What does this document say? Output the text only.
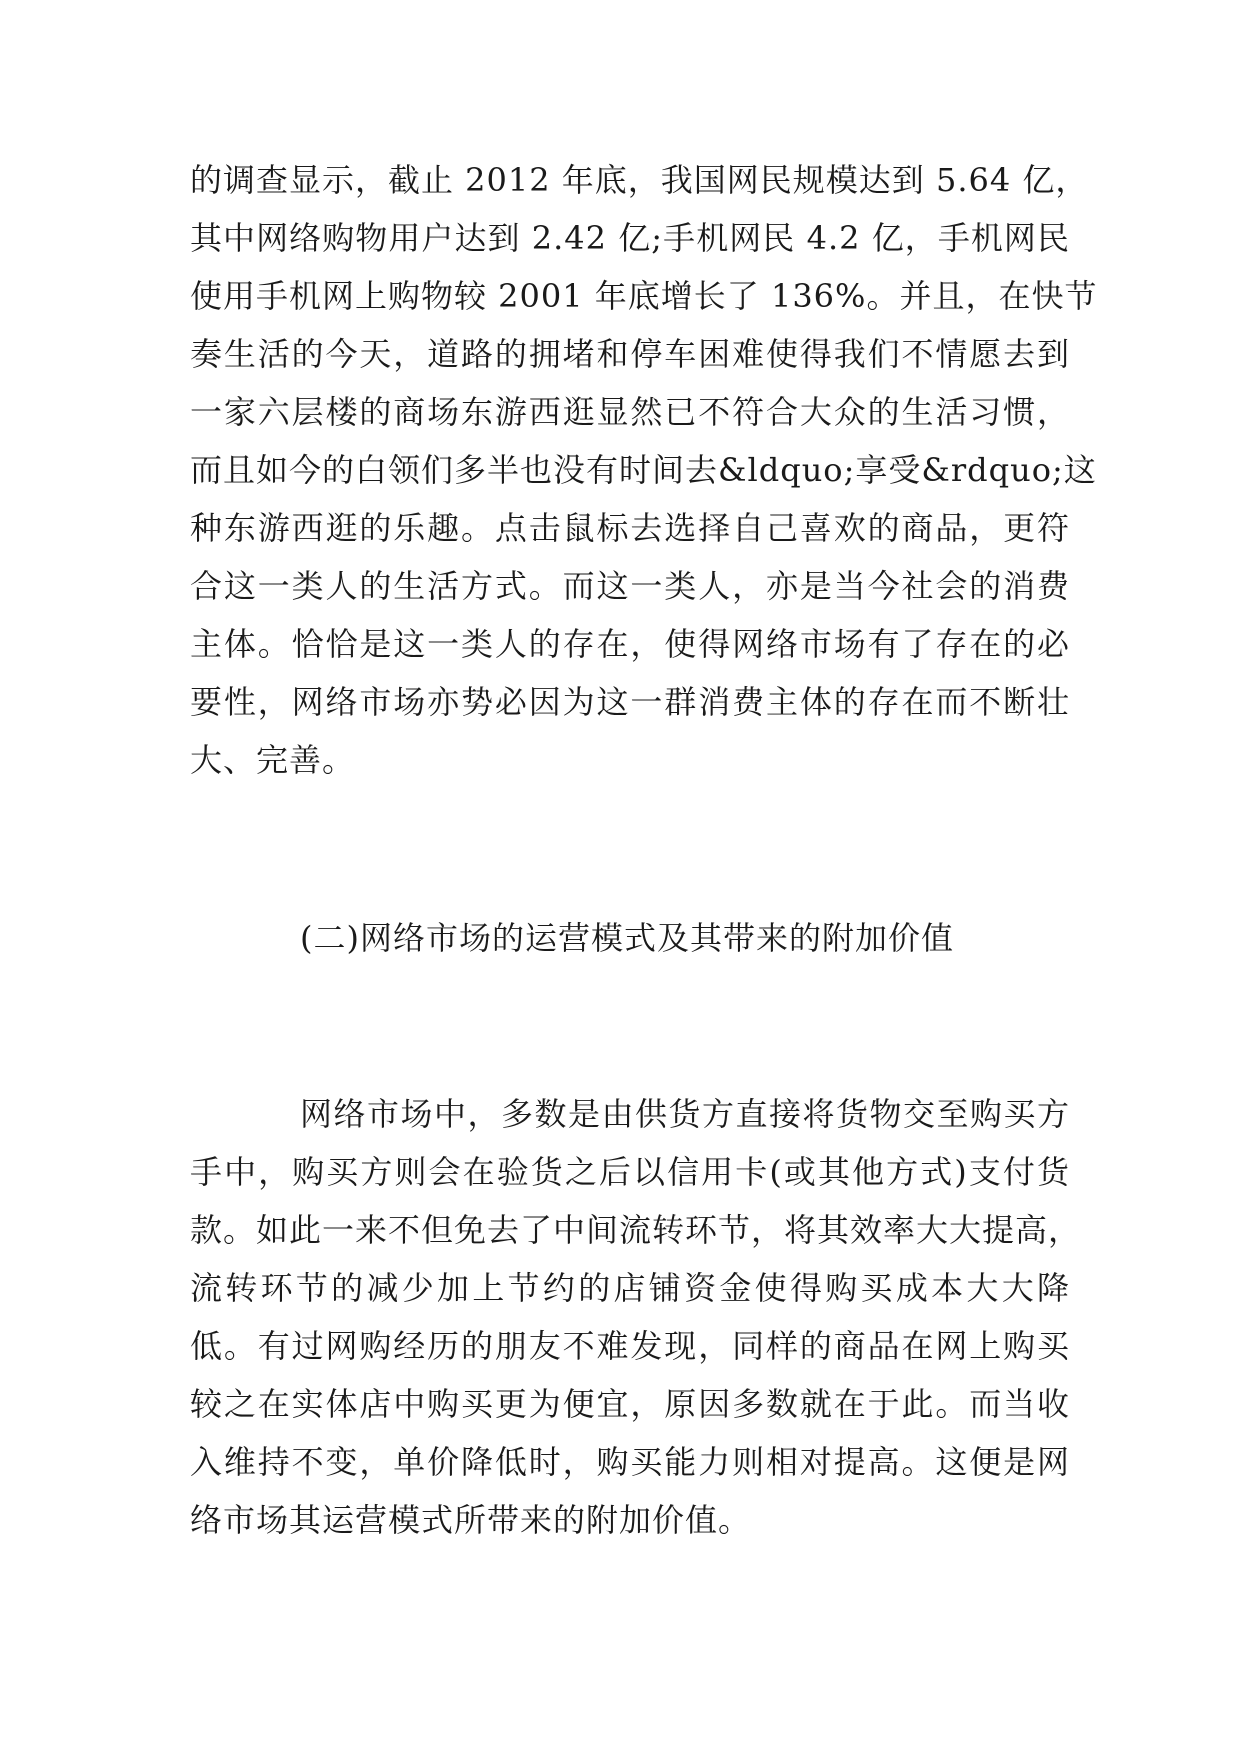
的调查显示，截止 2012 年底，我国网民规模达到 5.64 亿，
其中网络购物用户达到 2.42 亿;手机网民 4.2 亿，手机网民
使用手机网上购物较 2001 年底增长了 136%。并且，在快节
奏生活的今天，道路的拥堵和停车困难使得我们不情愿去到
一家六层楼的商场东游西逛显然已不符合大众的生活习惯，
而且如今的白领们多半也没有时间去&ldquo;享受&rdquo;这
种东游西逛的乐趣。点击鼠标去选择自己喜欢的商品，更符
合这一类人的生活方式。而这一类人，亦是当今社会的消费
主体。恰恰是这一类人的存在，使得网络市场有了存在的必
要性，网络市场亦势必因为这一群消费主体的存在而不断壮
大、完善。
(二)网络市场的运营模式及其带来的附加价值
网络市场中，多数是由供货方直接将货物交至购买方
手中，购买方则会在验货之后以信用卡(或其他方式)支付货
款。如此一来不但免去了中间流转环节，将其效率大大提高，
流转环节的减少加上节约的店铺资金使得购买成本大大降
低。有过网购经历的朋友不难发现，同样的商品在网上购买
较之在实体店中购买更为便宜，原因多数就在于此。而当收
入维持不变，单价降低时，购买能力则相对提高。这便是网
络市场其运营模式所带来的附加价值。
